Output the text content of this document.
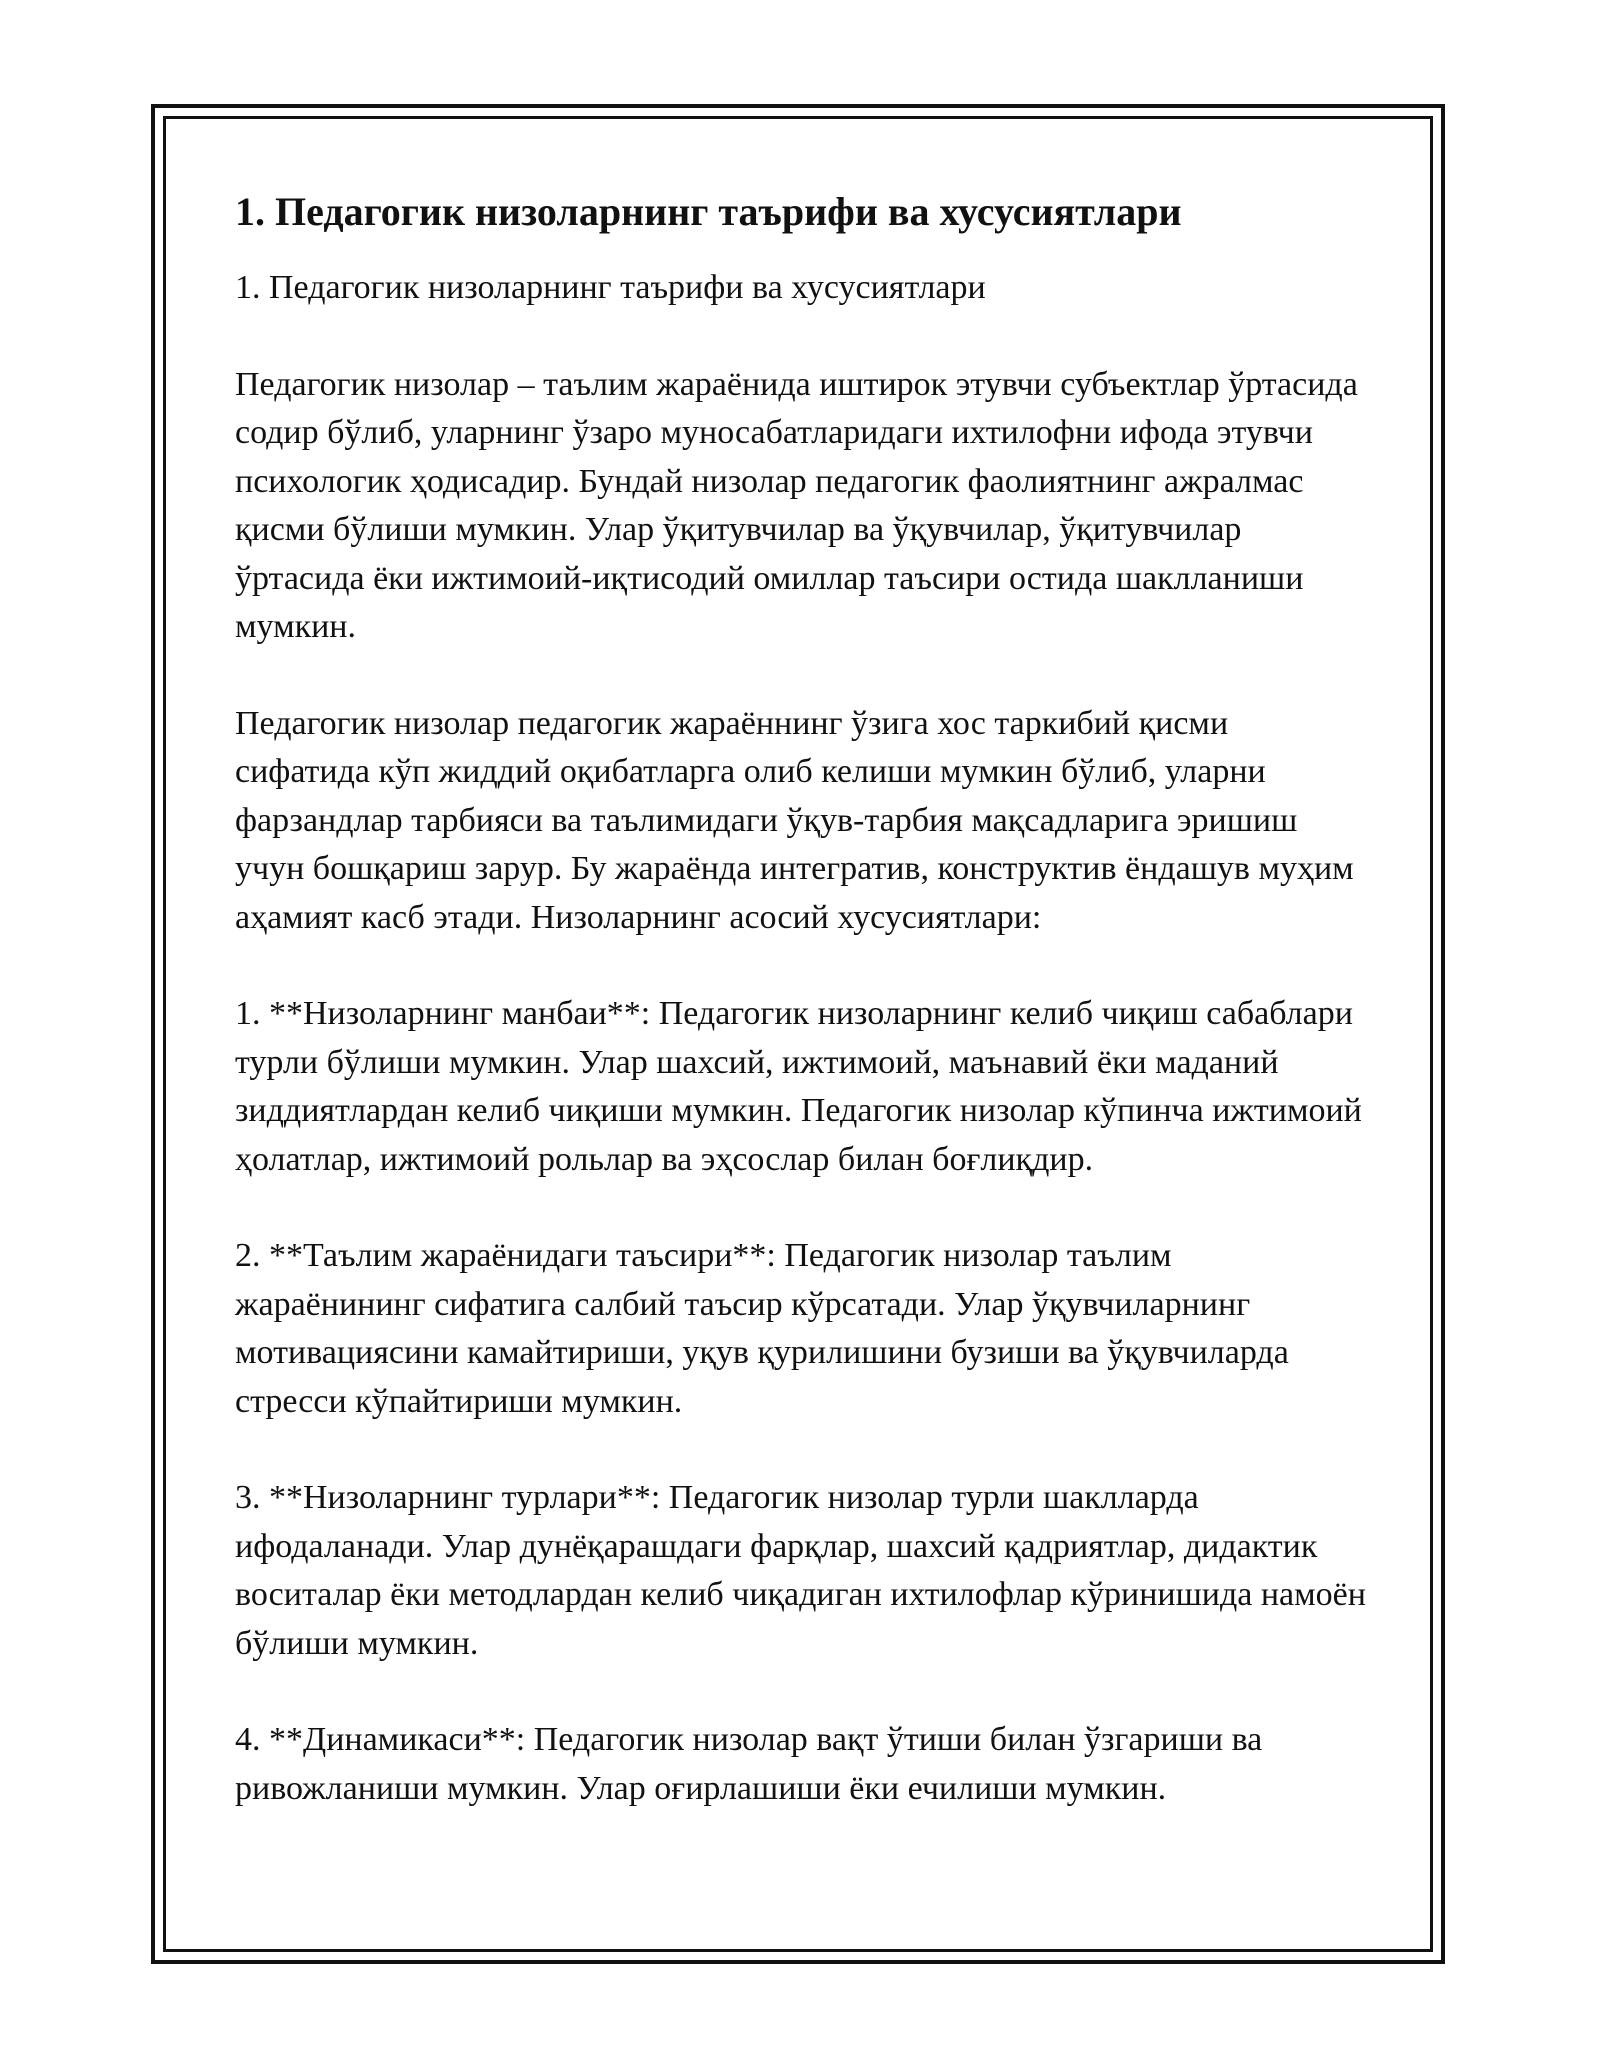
1. Педагогик низоларнинг таърифи ва хусусиятлари

1. Педагогик низоларнинг таърифи ва хусусиятлари

Педагогик низолар – таълим жараёнида иштирок этувчи субъектлар ўртасида содир бўлиб, уларнинг ўзаро муносабатларидаги ихтилофни ифода этувчи психологик ҳодисадир. Бундай низолар педагогик фаолиятнинг ажралмас қисми бўлиши мумкин. Улар ўқитувчилар ва ўқувчилар, ўқитувчилар ўртасида ёки ижтимоий-иқтисодий омиллар таъсири остида шаклланиши мумкин.

Педагогик низолар педагогик жараённинг ўзига хос таркибий қисми сифатида кўп жиддий оқибатларга олиб келиши мумкин бўлиб, уларни фарзандлар тарбияси ва таълимидаги ўқув-тарбия мақсадларига эришиш учун бошқариш зарур. Бу жараёнда интегратив, конструктив ёндашув муҳим аҳамият касб этади. Низоларнинг асосий хусусиятлари:

1. **Низоларнинг манбаи**: Педагогик низоларнинг келиб чиқиш сабаблари турли бўлиши мумкин. Улар шахсий, ижтимоий, маънавий ёки маданий зиддиятлардан келиб чиқиши мумкин. Педагогик низолар кўпинча ижтимоий ҳолатлар, ижтимоий рольлар ва эҳсослар билан боғлиқдир.

2. **Таълим жараёнидаги таъсири**: Педагогик низолар таълим жараёнининг сифатига салбий таъсир кўрсатади. Улар ўқувчиларнинг мотивациясини камайтириши, уқув қурилишини бузиши ва ўқувчиларда стресси кўпайтириши мумкин.

3. **Низоларнинг турлари**: Педагогик низолар турли шаклларда ифодаланади. Улар дунёқарашдаги фарқлар, шахсий қадриятлар, дидактик воситалар ёки методлардан келиб чиқадиган ихтилофлар кўринишида намоён бўлиши мумкин.

4. **Динамикаси**: Педагогик низолар вақт ўтиши билан ўзгариши ва ривожланиши мумкин. Улар оғирлашиши ёки ечилиши мумкин.
